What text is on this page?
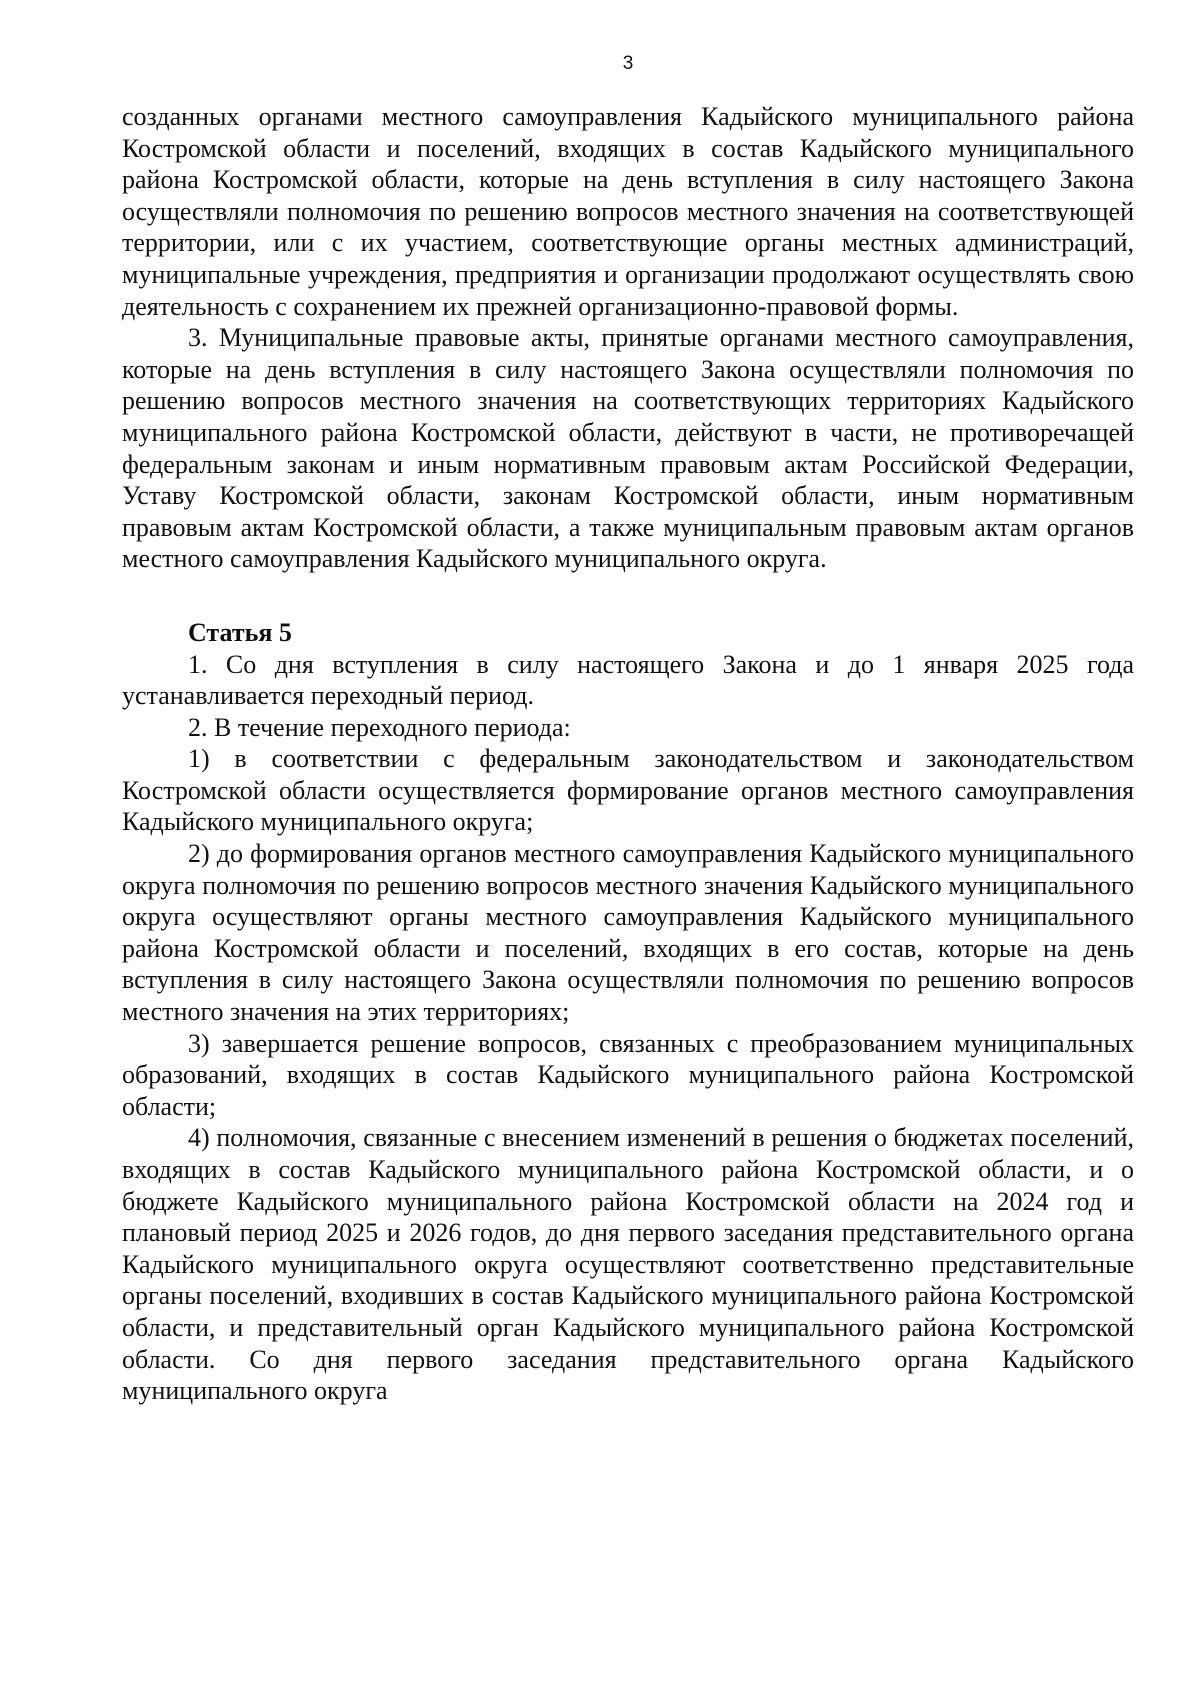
3

созданных органами местного самоуправления Кадыйского муниципального района Костромской области и поселений, входящих в состав Кадыйского муниципального района Костромской области, которые на день вступления в силу настоящего Закона осуществляли полномочия по решению вопросов местного значения на соответствующей территории, или с их участием, соответствующие органы местных администраций, муниципальные учреждения, предприятия и организации продолжают осуществлять свою деятельность с сохранением их прежней организационно-правовой формы.

3. Муниципальные правовые акты, принятые органами местного самоуправления, которые на день вступления в силу настоящего Закона осуществляли полномочия по решению вопросов местного значения на соответствующих территориях Кадыйского муниципального района Костромской области, действуют в части, не противоречащей федеральным законам и иным нормативным правовым актам Российской Федерации, Уставу Костромской области, законам Костромской области, иным нормативным правовым актам Костромской области, а также муниципальным правовым актам органов местного самоуправления Кадыйского муниципального округа.

Статья 5

1. Со дня вступления в силу настоящего Закона и до 1 января 2025 года устанавливается переходный период.

2. В течение переходного периода:

1) в соответствии с федеральным законодательством и законодательством Костромской области осуществляется формирование органов местного самоуправления Кадыйского муниципального округа;

2) до формирования органов местного самоуправления Кадыйского муниципального округа полномочия по решению вопросов местного значения Кадыйского муниципального округа осуществляют органы местного самоуправления Кадыйского муниципального района Костромской области и поселений, входящих в его состав, которые на день вступления в силу настоящего Закона осуществляли полномочия по решению вопросов местного значения на этих территориях;

3) завершается решение вопросов, связанных с преобразованием муниципальных образований, входящих в состав Кадыйского муниципального района Костромской области;

4) полномочия, связанные с внесением изменений в решения о бюджетах поселений, входящих в состав Кадыйского муниципального района Костромской области, и о бюджете Кадыйского муниципального района Костромской области на 2024 год и плановый период 2025 и 2026 годов, до дня первого заседания представительного органа Кадыйского муниципального округа осуществляют соответственно представительные органы поселений, входивших в состав Кадыйского муниципального района Костромской области, и представительный орган Кадыйского муниципального района Костромской области. Со дня первого заседания представительного органа Кадыйского муниципального округа
